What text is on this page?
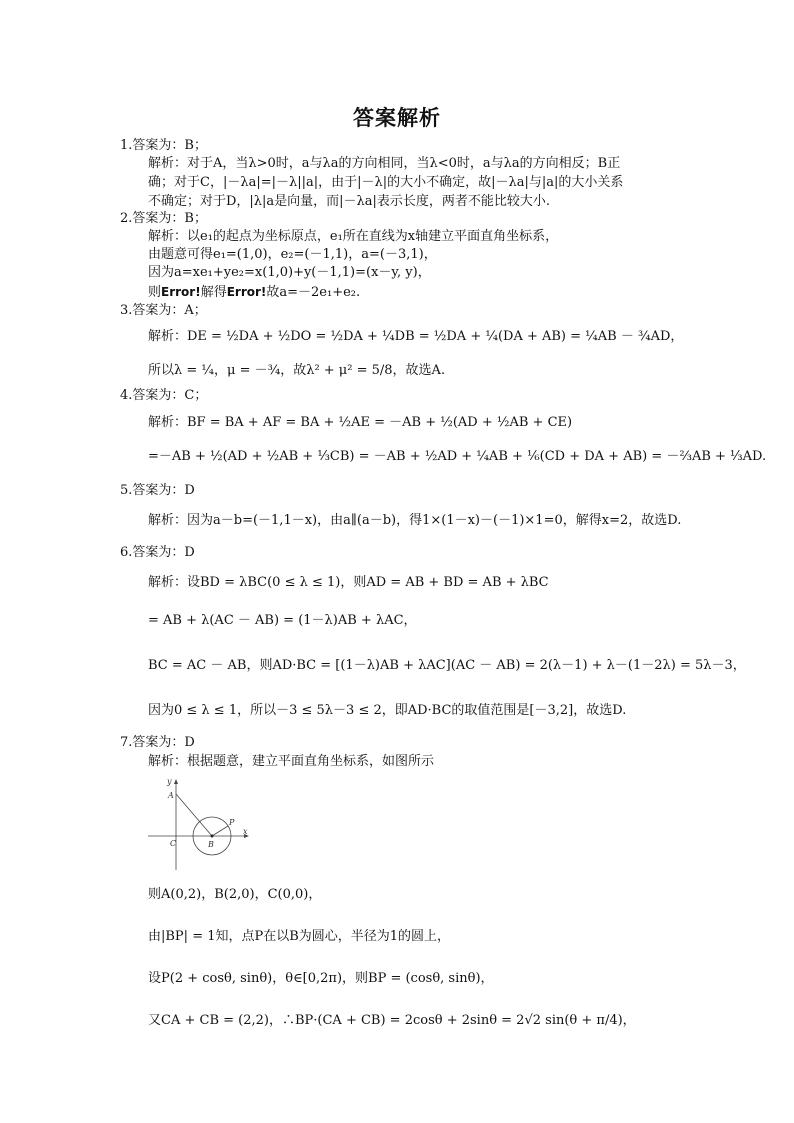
答案解析
1.答案为：B；
解析：对于A，当λ>0时，a与λa的方向相同，当λ<0时，a与λa的方向相反；B正
确；对于C，|－λa|=|－λ||a|，由于|－λ|的大小不确定，故|－λa|与|a|的大小关系
不确定；对于D，|λ|a是向量，而|－λa|表示长度，两者不能比较大小.
2.答案为：B；
解析：以e₁的起点为坐标原点，e₁所在直线为x轴建立平面直角坐标系，
由题意可得e₁=(1,0)，e₂=(－1,1)，a=(－3,1)，
因为a=xe₁+ye₂=x(1,0)+y(－1,1)=(x－y, y)，
则Error!解得Error!故a=－2e₁+e₂.
3.答案为：A；
解析：DE = ½DA + ½DO = ½DA + ¼DB = ½DA + ¼(DA + AB) = ¼AB － ¾AD，
所以λ = ¼，μ = －¾，故λ² + μ² = 5/8，故选A.
4.答案为：C；
解析：BF = BA + AF = BA + ½AE = －AB + ½(AD + ½AB + CE)
=－AB + ½(AD + ½AB + ⅓CB) = －AB + ½AD + ¼AB + ⅙(CD + DA + AB) = －⅔AB + ⅓AD.
5.答案为：D
解析：因为a－b=(－1,1－x)，由a∥(a－b)，得1×(1－x)－(－1)×1=0，解得x=2，故选D.
6.答案为：D
解析：设BD = λBC(0 ≤ λ ≤ 1)，则AD = AB + BD = AB + λBC
= AB + λ(AC － AB) = (1－λ)AB + λAC，
BC = AC － AB，则AD·BC = [(1－λ)AB + λAC](AC － AB) = 2(λ－1) + λ－(1－2λ) = 5λ－3，
因为0 ≤ λ ≤ 1，所以－3 ≤ 5λ－3 ≤ 2，即AD·BC的取值范围是[－3,2]，故选D.
7.答案为：D
解析：根据题意，建立平面直角坐标系，如图所示
y
x
A
B
C
P
则A(0,2)，B(2,0)，C(0,0)，
由|BP| = 1知，点P在以B为圆心，半径为1的圆上，
设P(2 + cosθ, sinθ)，θ∈[0,2π)，则BP = (cosθ, sinθ)，
又CA + CB = (2,2)，∴BP·(CA + CB) = 2cosθ + 2sinθ = 2√2 sin(θ + π/4)，
